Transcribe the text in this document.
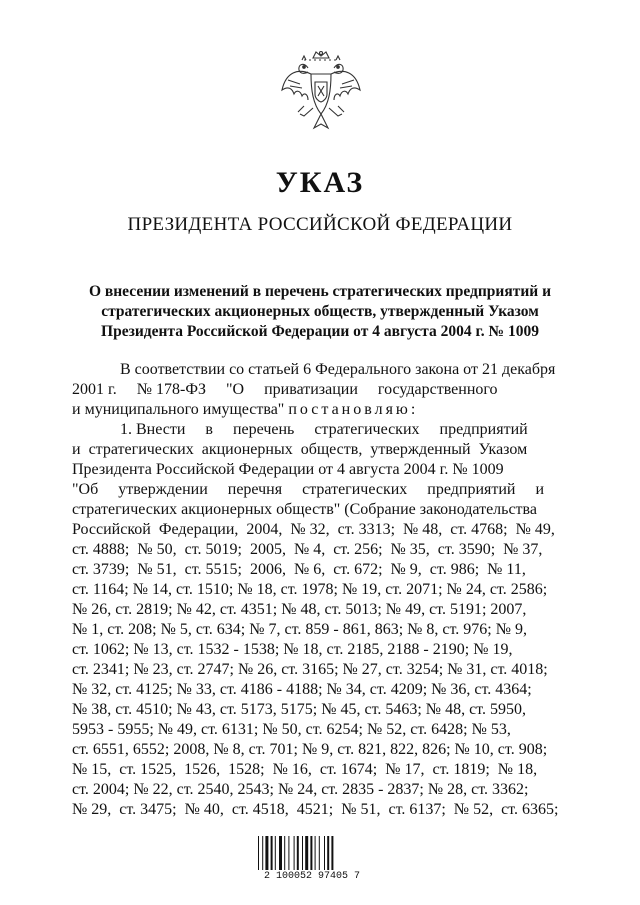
УКАЗ
ПРЕЗИДЕНТА РОССИЙСКОЙ ФЕДЕРАЦИИ
О внесении изменений в перечень стратегических предприятий и
стратегических акционерных обществ, утвержденный Указом
Президента Российской Федерации от 4 августа 2004 г. № 1009
В соответствии со статьей 6 Федерального закона от 21 декабря
2001 г.     № 178-ФЗ     "О     приватизации     государственного
и муниципального имущества" постановляю:
1. Внести     в     перечень     стратегических     предприятий
и  стратегических  акционерных  обществ,  утвержденный  Указом
Президента Российской Федерации от 4 августа 2004 г. № 1009
"Об     утверждении     перечня     стратегических     предприятий     и
стратегических акционерных обществ" (Собрание законодательства
Российской  Федерации,  2004,  № 32,  ст. 3313;  № 48,  ст. 4768;  № 49,
ст. 4888;  № 50,  ст. 5019;  2005,  № 4,  ст. 256;  № 35,  ст. 3590;  № 37,
ст. 3739;  № 51,  ст. 5515;  2006,  № 6,  ст. 672;  № 9,  ст. 986;  № 11,
ст. 1164; № 14, ст. 1510; № 18, ст. 1978; № 19, ст. 2071; № 24, ст. 2586;
№ 26, ст. 2819; № 42, ст. 4351; № 48, ст. 5013; № 49, ст. 5191; 2007,
№ 1, ст. 208; № 5, ст. 634; № 7, ст. 859 - 861, 863; № 8, ст. 976; № 9,
ст. 1062; № 13, ст. 1532 - 1538; № 18, ст. 2185, 2188 - 2190; № 19,
ст. 2341; № 23, ст. 2747; № 26, ст. 3165; № 27, ст. 3254; № 31, ст. 4018;
№ 32, ст. 4125; № 33, ст. 4186 - 4188; № 34, ст. 4209; № 36, ст. 4364;
№ 38, ст. 4510; № 43, ст. 5173, 5175; № 45, ст. 5463; № 48, ст. 5950,
5953 - 5955; № 49, ст. 6131; № 50, ст. 6254; № 52, ст. 6428; № 53,
ст. 6551, 6552; 2008, № 8, ст. 701; № 9, ст. 821, 822, 826; № 10, ст. 908;
№ 15,  ст. 1525,  1526,  1528;  № 16,  ст. 1674;  № 17,  ст. 1819;  № 18,
ст. 2004; № 22, ст. 2540, 2543; № 24, ст. 2835 - 2837; № 28, ст. 3362;
№ 29,  ст. 3475;  № 40,  ст. 4518,  4521;  № 51,  ст. 6137;  № 52,  ст. 6365;
2 100052 97405 7
